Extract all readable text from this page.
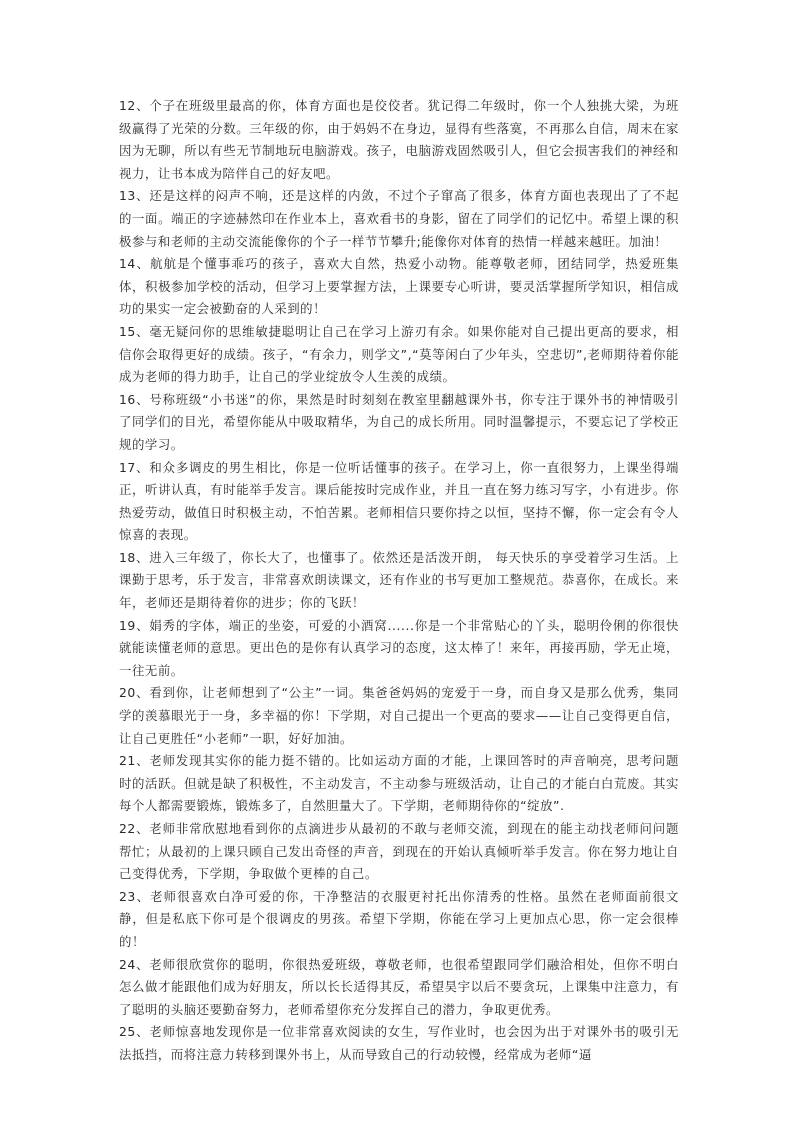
12、个子在班级里最高的你，体育方面也是佼佼者。犹记得二年级时，你一个人独挑大梁，为班级赢得了光荣的分数。三年级的你，由于妈妈不在身边，显得有些落寞，不再那么自信，周末在家因为无聊，所以有些无节制地玩电脑游戏。孩子，电脑游戏固然吸引人，但它会损害我们的神经和视力，让书本成为陪伴自己的好友吧。

13、还是这样的闷声不响，还是这样的内敛，不过个子窜高了很多，体育方面也表现出了了不起的一面。端正的字迹赫然印在作业本上，喜欢看书的身影，留在了同学们的记忆中。希望上课的积极参与和老师的主动交流能像你的个子一样节节攀升;能像你对体育的热情一样越来越旺。加油！

14、航航是个懂事乖巧的孩子，喜欢大自然，热爱小动物。能尊敬老师，团结同学，热爱班集体，积极参加学校的活动，但学习上要掌握方法，上课要专心听讲，要灵活掌握所学知识，相信成功的果实一定会被勤奋的人采到的！

15、毫无疑问你的思维敏捷聪明让自己在学习上游刃有余。如果你能对自己提出更高的要求，相信你会取得更好的成绩。孩子，“有余力，则学文”,“莫等闲白了少年头，空悲切”,老师期待着你能成为老师的得力助手，让自己的学业绽放令人生羡的成绩。

16、号称班级“小书迷”的你，果然是时时刻刻在教室里翻越课外书，你专注于课外书的神情吸引了同学们的目光，希望你能从中吸取精华，为自己的成长所用。同时温馨提示，不要忘记了学校正规的学习。

17、和众多调皮的男生相比，你是一位听话懂事的孩子。在学习上，你一直很努力，上课坐得端正，听讲认真，有时能举手发言。课后能按时完成作业，并且一直在努力练习写字，小有进步。你热爱劳动，做值日时积极主动，不怕苦累。老师相信只要你持之以恒，坚持不懈，你一定会有令人惊喜的表现。

18、进入三年级了，你长大了，也懂事了。依然还是活泼开朗， 每天快乐的享受着学习生活。上课勤于思考，乐于发言，非常喜欢朗读课文，还有作业的书写更加工整规范。恭喜你，在成长。来年，老师还是期待着你的进步；你的飞跃！

19、娟秀的字体，端正的坐姿，可爱的小酒窝......你是一个非常贴心的丫头，聪明伶俐的你很快就能读懂老师的意思。更出色的是你有认真学习的态度，这太棒了！来年，再接再励，学无止境，一往无前。

20、看到你，让老师想到了“公主”一词。集爸爸妈妈的宠爱于一身，而自身又是那么优秀，集同学的羡慕眼光于一身，多幸福的你！下学期，对自己提出一个更高的要求——让自己变得更自信，让自己更胜任“小老师”一职，好好加油。

21、老师发现其实你的能力挺不错的。比如运动方面的才能，上课回答时的声音响亮，思考问题时的活跃。但就是缺了积极性，不主动发言，不主动参与班级活动，让自己的才能白白荒废。其实每个人都需要锻炼，锻炼多了，自然胆量大了。下学期，老师期待你的“绽放”.

22、老师非常欣慰地看到你的点滴进步从最初的不敢与老师交流，到现在的能主动找老师问问题帮忙；从最初的上课只顾自己发出奇怪的声音，到现在的开始认真倾听举手发言。你在努力地让自己变得优秀，下学期，争取做个更棒的自己。

23、老师很喜欢白净可爱的你，干净整洁的衣服更衬托出你清秀的性格。虽然在老师面前很文静，但是私底下你可是个很调皮的男孩。希望下学期，你能在学习上更加点心思，你一定会很棒的！

24、老师很欣赏你的聪明，你很热爱班级，尊敬老师，也很希望跟同学们融洽相处，但你不明白怎么做才能跟他们成为好朋友，所以长长适得其反，希望昊宇以后不要贪玩，上课集中注意力，有了聪明的头脑还要勤奋努力，老师希望你充分发挥自己的潜力，争取更优秀。

25、老师惊喜地发现你是一位非常喜欢阅读的女生，写作业时，也会因为出于对课外书的吸引无法抵挡，而将注意力转移到课外书上，从而导致自己的行动较慢，经常成为老师“逼
